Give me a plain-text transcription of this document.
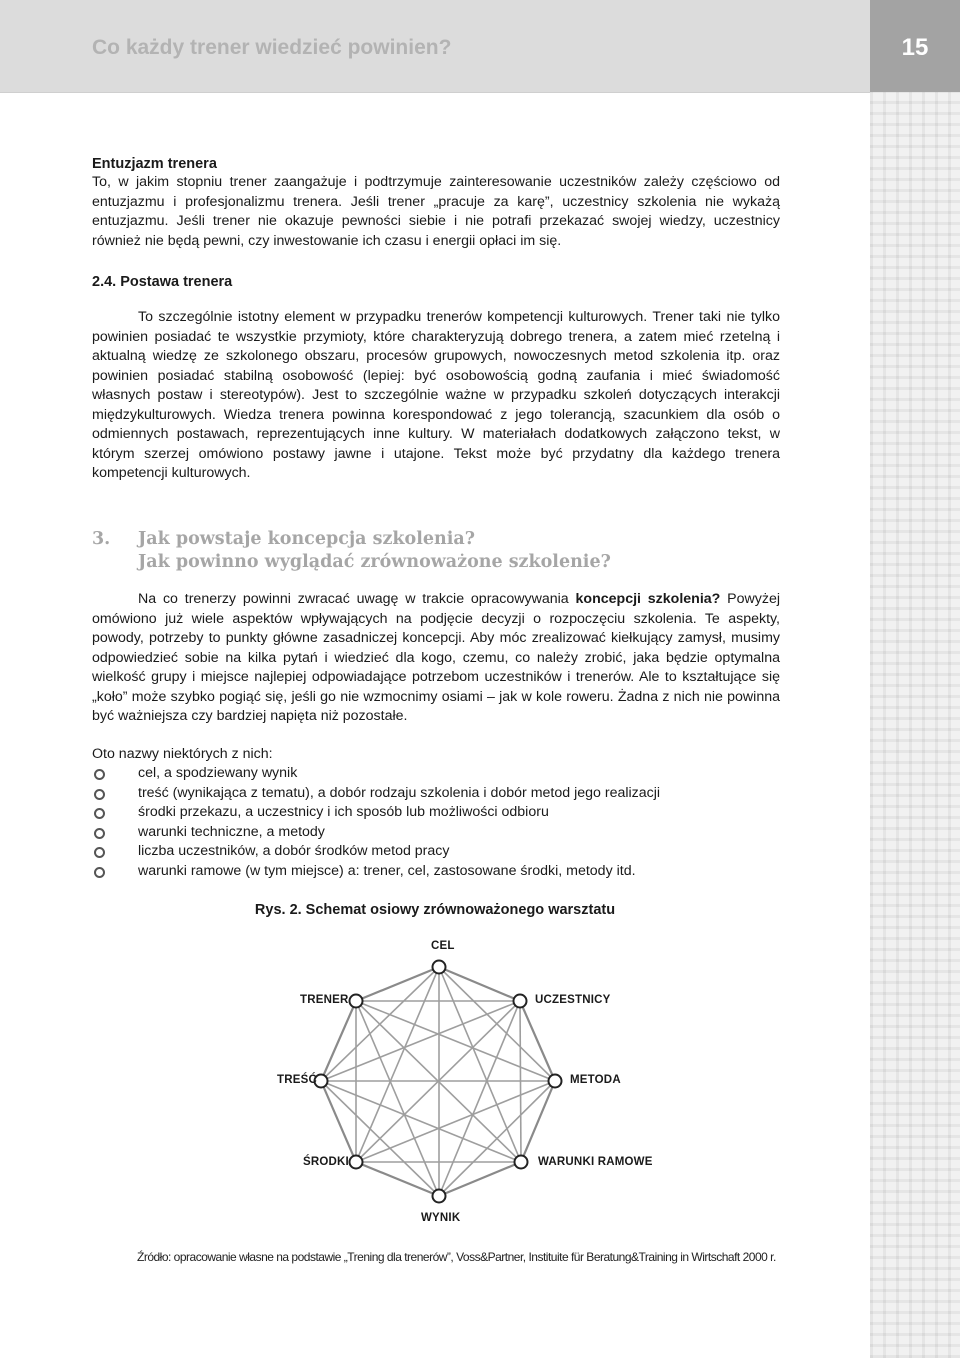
Co każdy trener wiedzieć powinien?	15

Entuzjazm trenera

To, w jakim stopniu trener zaangażuje i podtrzymuje zainteresowanie uczestników zależy częściowo od entuzjazmu i profesjonalizmu trenera. Jeśli trener „pracuje za karę”, uczestnicy szkolenia nie wykażą entuzjazmu. Jeśli trener nie okazuje pewności siebie i nie potrafi przekazać swojej wiedzy, uczestnicy również nie będą pewni, czy inwestowanie ich czasu i energii opłaci im się.

2.4. Postawa trenera

To szczególnie istotny element w przypadku trenerów kompetencji kulturowych. Trener taki nie tylko powinien posiadać te wszystkie przymioty, które charakteryzują dobrego trenera, a zatem mieć rzetelną i aktualną wiedzę ze szkolonego obszaru, procesów grupowych, nowoczesnych metod szkolenia itp. oraz powinien posiadać stabilną osobowość (lepiej: być osobowością godną zaufania i mieć świadomość własnych postaw i stereotypów). Jest to szczególnie ważne w przypadku szkoleń dotyczących interakcji międzykulturowych. Wiedza trenera powinna korespondować z jego tolerancją, szacunkiem dla osób o odmiennych postawach, reprezentujących inne kultury. W materiałach dodatkowych załączono tekst, w którym szerzej omówiono postawy jawne i utajone. Tekst może być przydatny dla każdego trenera kompetencji kulturowych.

3. Jak powstaje koncepcja szkolenia?
Jak powinno wyglądać zrównoważone szkolenie?

Na co trenerzy powinni zwracać uwagę w trakcie opracowywania koncepcji szkolenia? Powyżej omówiono już wiele aspektów wpływających na podjęcie decyzji o rozpoczęciu szkolenia. Te aspekty, powody, potrzeby to punkty główne zasadniczej koncepcji. Aby móc zrealizować kiełkujący zamysł, musimy odpowiedzieć sobie na kilka pytań i wiedzieć dla kogo, czemu, co należy zrobić, jaka będzie optymalna wielkość grupy i miejsce najlepiej odpowiadające potrzebom uczestników i trenerów. Ale to kształtujące się „koło” może szybko pogiąć się, jeśli go nie wzmocnimy osiami – jak w kole roweru. Żadna z nich nie powinna być ważniejsza czy bardziej napięta niż pozostałe.

Oto nazwy niektórych z nich:

cel, a spodziewany wynik
treść (wynikająca z tematu), a dobór rodzaju szkolenia i dobór metod jego realizacji
środki przekazu, a uczestnicy i ich sposób lub możliwości odbioru
warunki techniczne, a metody
liczba uczestników, a dobór środków metod pracy
warunki ramowe (w tym miejsce) a: trener, cel, zastosowane środki, metody itd.
Rys. 2. Schemat osiowy zrównoważonego warsztatu
CEL
UCZESTNICY
METODA
WARUNKI RAMOWE
WYNIK
ŚRODKI
TREŚĆ
TRENER
Źródło: opracowanie własne na podstawie „Trening dla trenerów”, Voss&Partner, Instituite für Beratung&Training in Wirtschaft 2000 r.
